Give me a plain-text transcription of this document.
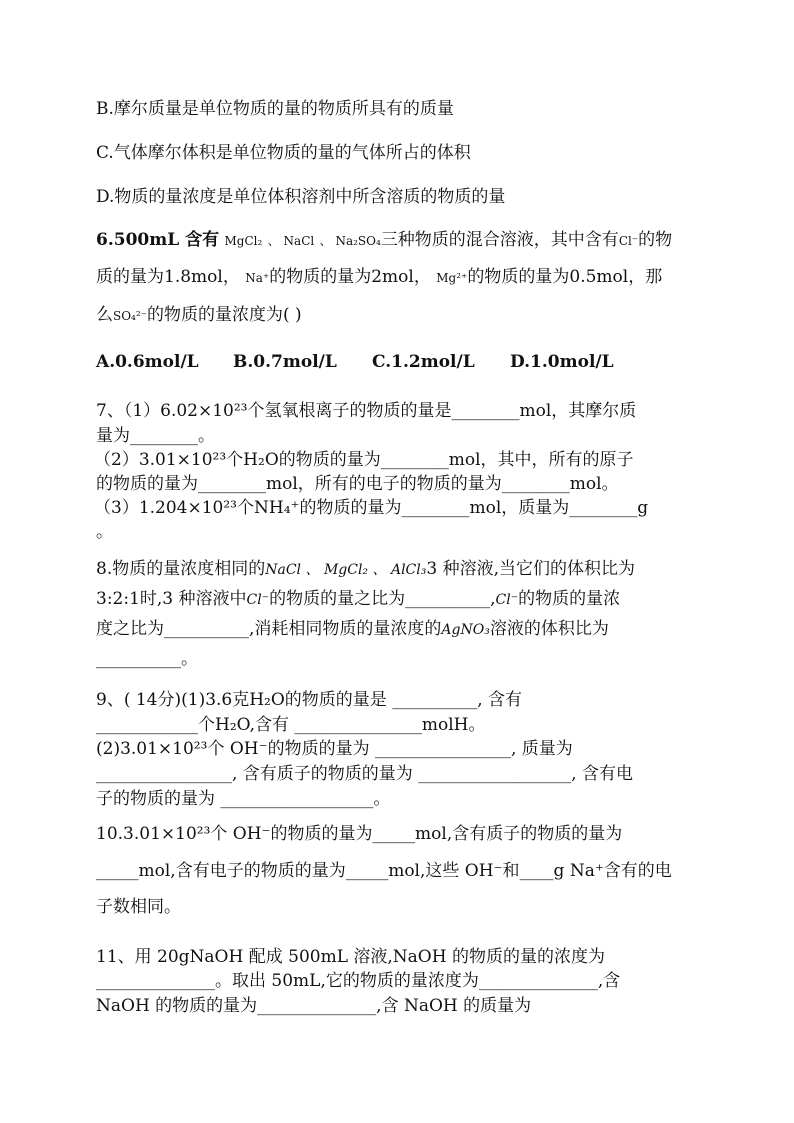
B.摩尔质量是单位物质的量的物质所具有的质量
C.气体摩尔体积是单位物质的量的气体所占的体积
D.物质的量浓度是单位体积溶剂中所含溶质的物质的量
6.500mL 含有 MgCl₂ 、 NaCl 、 Na₂SO₄三种物质的混合溶液，其中含有Cl⁻的物
质的量为1.8mol， Na⁺的物质的量为2mol， Mg²⁺的物质的量为0.5mol，那
么SO₄²⁻的物质的量浓度为( )
A.0.6mol/L B.0.7mol/L C.1.2mol/L D.1.0mol/L
7、（1）6.02×10²³个氢氧根离子的物质的量是________mol，其摩尔质
量为________。
（2）3.01×10²³个H₂O的物质的量为________mol，其中，所有的原子
的物质的量为________mol，所有的电子的物质的量为________mol。
（3）1.204×10²³个NH₄⁺的物质的量为________mol，质量为________g
。
8.物质的量浓度相同的NaCl 、 MgCl₂ 、 AlCl₃3 种溶液,当它们的体积比为
3:2:1时,3 种溶液中Cl⁻的物质的量之比为__________,Cl⁻的物质的量浓
度之比为__________,消耗相同物质的量浓度的AgNO₃溶液的体积比为
__________。
9、( 14分)(1)3.6克H₂O的物质的量是 __________, 含有
____________个H₂O,含有 _______________molH。
(2)3.01×10²³个 OH⁻的物质的量为 ________________, 质量为
________________, 含有质子的物质的量为 __________________, 含有电
子的物质的量为 __________________。
10.3.01×10²³个 OH⁻的物质的量为_____mol,含有质子的物质的量为
_____mol,含有电子的物质的量为_____mol,这些 OH⁻和____g Na⁺含有的电
子数相同。
11、用 20gNaOH 配成 500mL 溶液,NaOH 的物质的量的浓度为
______________。取出 50mL,它的物质的量浓度为______________,含
NaOH 的物质的量为______________,含 NaOH 的质量为
